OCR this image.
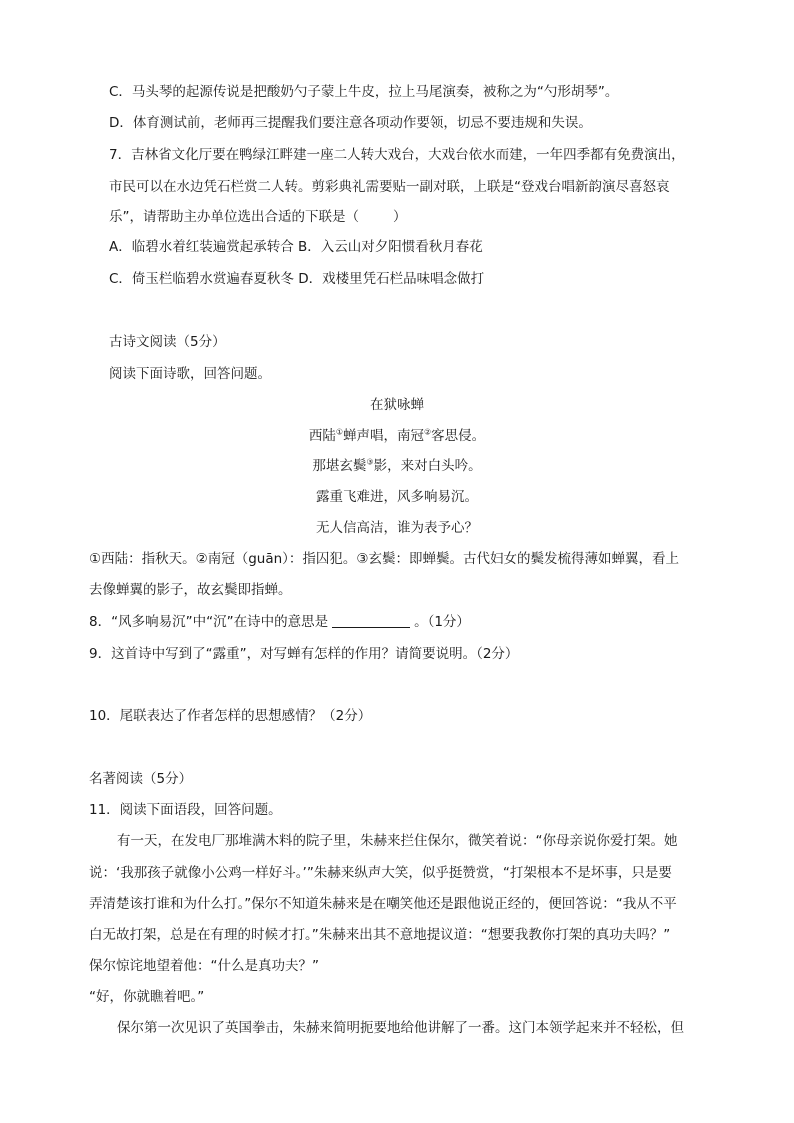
C．马头琴的起源传说是把酸奶勺子蒙上牛皮，拉上马尾演奏，被称之为“勺形胡琴”。
D．体育测试前，老师再三提醒我们要注意各项动作要领，切忌不要违规和失误。
7．吉林省文化厅要在鸭绿江畔建一座二人转大戏台，大戏台依水而建，一年四季都有免费演出，
市民可以在水边凭石栏赏二人转。剪彩典礼需要贴一副对联，上联是“登戏台唱新韵演尽喜怒哀
乐”，请帮助主办单位选出合适的下联是（	）
A．临碧水着红装遍赏起承转合 B．入云山对夕阳惯看秋月春花
C．倚玉栏临碧水赏遍春夏秋冬 D．戏楼里凭石栏品味唱念做打
古诗文阅读（5分）
阅读下面诗歌，回答问题。
在狱咏蝉
西陆①蝉声唱，南冠②客思侵。
那堪玄鬓③影，来对白头吟。
露重飞难进，风多响易沉。
无人信高洁，谁为表予心？
①西陆：指秋天。②南冠（guān）：指囚犯。③玄鬓：即蝉鬓。古代妇女的鬓发梳得薄如蝉翼，看上
去像蝉翼的影子，故玄鬓即指蝉。
8．“风多响易沉”中“沉”在诗中的意思是	。（1分）
9．这首诗中写到了“露重”，对写蝉有怎样的作用？请简要说明。（2分）
10．尾联表达了作者怎样的思想感情？（2分）
名著阅读（5分）
11．阅读下面语段，回答问题。
有一天，在发电厂那堆满木料的院子里，朱赫来拦住保尔，微笑着说：“你母亲说你爱打架。她
说：‘我那孩子就像小公鸡一样好斗。’”朱赫来纵声大笑，似乎挺赞赏，“打架根本不是坏事，只是要
弄清楚该打谁和为什么打。”保尔不知道朱赫来是在嘲笑他还是跟他说正经的，便回答说：“我从不平
白无故打架，总是在有理的时候才打。”朱赫来出其不意地提议道：“想要我教你打架的真功夫吗？”
保尔惊诧地望着他：“什么是真功夫？”
“好，你就瞧着吧。”
保尔第一次见识了英国拳击，朱赫来简明扼要地给他讲解了一番。这门本领学起来并不轻松，但
